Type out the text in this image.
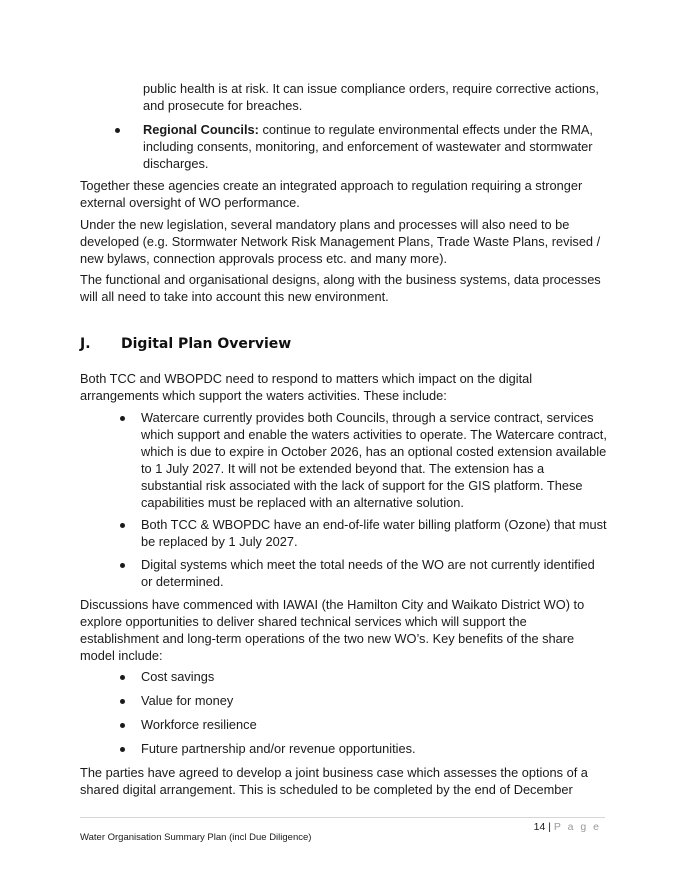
public health is at risk. It can issue compliance orders, require corrective actions, and prosecute for breaches.

Regional Councils: continue to regulate environmental effects under the RMA, including consents, monitoring, and enforcement of wastewater and stormwater discharges.

Together these agencies create an integrated approach to regulation requiring a stronger external oversight of WO performance.

Under the new legislation, several mandatory plans and processes will also need to be developed (e.g. Stormwater Network Risk Management Plans, Trade Waste Plans, revised / new bylaws, connection approvals process etc. and many more).

The functional and organisational designs, along with the business systems, data processes will all need to take into account this new environment.

J. Digital Plan Overview

Both TCC and WBOPDC need to respond to matters which impact on the digital arrangements which support the waters activities. These include:

Watercare currently provides both Councils, through a service contract, services which support and enable the waters activities to operate. The Watercare contract, which is due to expire in October 2026, has an optional costed extension available to 1 July 2027. It will not be extended beyond that. The extension has a substantial risk associated with the lack of support for the GIS platform. These capabilities must be replaced with an alternative solution.

Both TCC & WBOPDC have an end-of-life water billing platform (Ozone) that must be replaced by 1 July 2027.

Digital systems which meet the total needs of the WO are not currently identified or determined.

Discussions have commenced with IAWAI (the Hamilton City and Waikato District WO) to explore opportunities to deliver shared technical services which will support the establishment and long-term operations of the two new WO’s. Key benefits of the share model include:

Cost savings

Value for money

Workforce resilience

Future partnership and/or revenue opportunities.

The parties have agreed to develop a joint business case which assesses the options of a shared digital arrangement. This is scheduled to be completed by the end of December

14 | P a g e
Water Organisation Summary Plan (incl Due Diligence)
